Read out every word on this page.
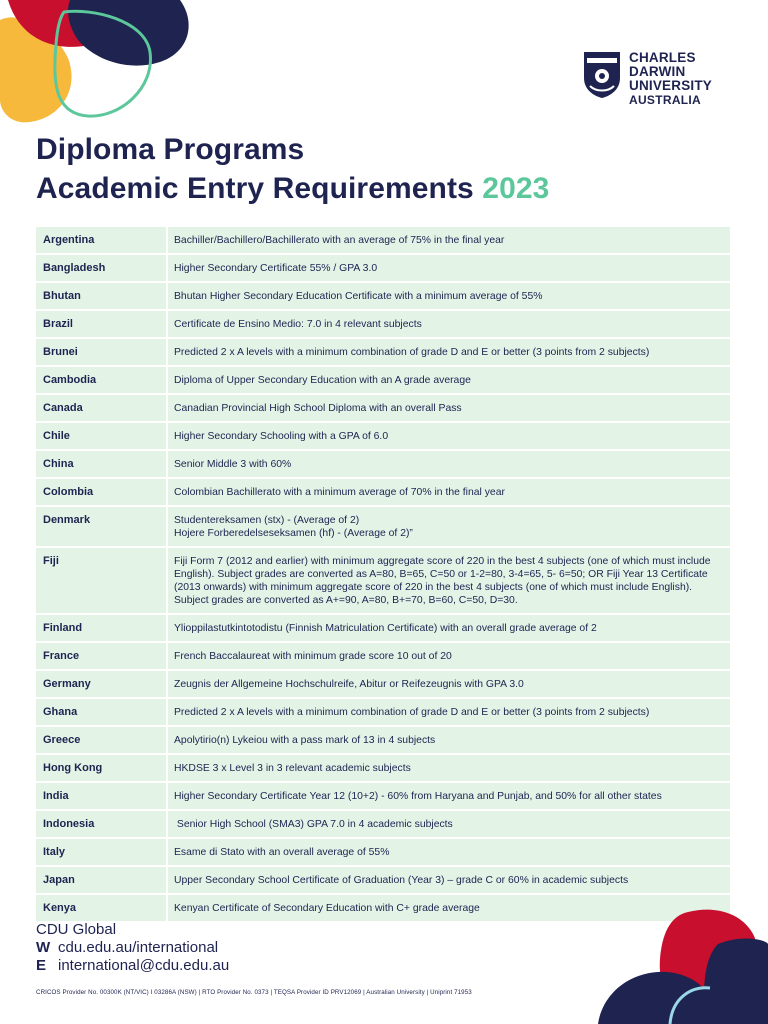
CHARLES
DARWIN
UNIVERSITY
AUSTRALIA
Diploma Programs
Academic Entry Requirements 2023
Argentina	Bachiller/Bachillero/Bachillerato with an average of 75% in the final year
Bangladesh	Higher Secondary Certificate 55% / GPA 3.0
Bhutan	Bhutan Higher Secondary Education Certificate with a minimum average of 55%
Brazil	Certificate de Ensino Medio: 7.0 in 4 relevant subjects
Brunei	Predicted 2 x A levels with a minimum combination of grade D and E or better (3 points from 2 subjects)
Cambodia	Diploma of Upper Secondary Education with an A grade average
Canada	Canadian Provincial High School Diploma with an overall Pass
Chile	Higher Secondary Schooling with a GPA of 6.0
China	Senior Middle 3 with 60%
Colombia	Colombian Bachillerato with a minimum average of 70% in the final year
Denmark	Studentereksamen (stx) - (Average of 2)
Hojere Forberedelseseksamen (hf) - (Average of 2)”
Fiji	Fiji Form 7 (2012 and earlier) with minimum aggregate score of 220 in the best 4 subjects (one of which must include English). Subject grades are converted as A=80, B=65, C=50 or 1-2=80, 3-4=65, 5- 6=50; OR Fiji Year 13 Certificate (2013 onwards) with minimum aggregate score of 220 in the best 4 subjects (one of which must include English). Subject grades are converted as A+=90, A=80, B+=70, B=60, C=50, D=30.
Finland	Ylioppilastutkintotodistu (Finnish Matriculation Certificate) with an overall grade average of 2
France	French Baccalaureat with minimum grade score 10 out of 20
Germany	Zeugnis der Allgemeine Hochschulreife, Abitur or Reifezeugnis with GPA 3.0
Ghana	Predicted 2 x A levels with a minimum combination of grade D and E or better (3 points from 2 subjects)
Greece	Apolytirio(n) Lykeiou with a pass mark of 13 in 4 subjects
Hong Kong	HKDSE 3 x Level 3 in 3 relevant academic subjects
India	Higher Secondary Certificate Year 12 (10+2) - 60% from Haryana and Punjab, and 50% for all other states
Indonesia	Senior High School (SMA3) GPA 7.0 in 4 academic subjects
Italy	Esame di Stato with an overall average of 55%
Japan	Upper Secondary School Certificate of Graduation (Year 3) – grade C or 60% in academic subjects
Kenya	Kenyan Certificate of Secondary Education with C+ grade average
CDU Global
W cdu.edu.au/international
E international@cdu.edu.au
CRICOS Provider No. 00300K (NT/VIC) I 03286A (NSW) | RTO Provider No. 0373 | TEQSA Provider ID PRV12069 | Australian University | Uniprint 71953
